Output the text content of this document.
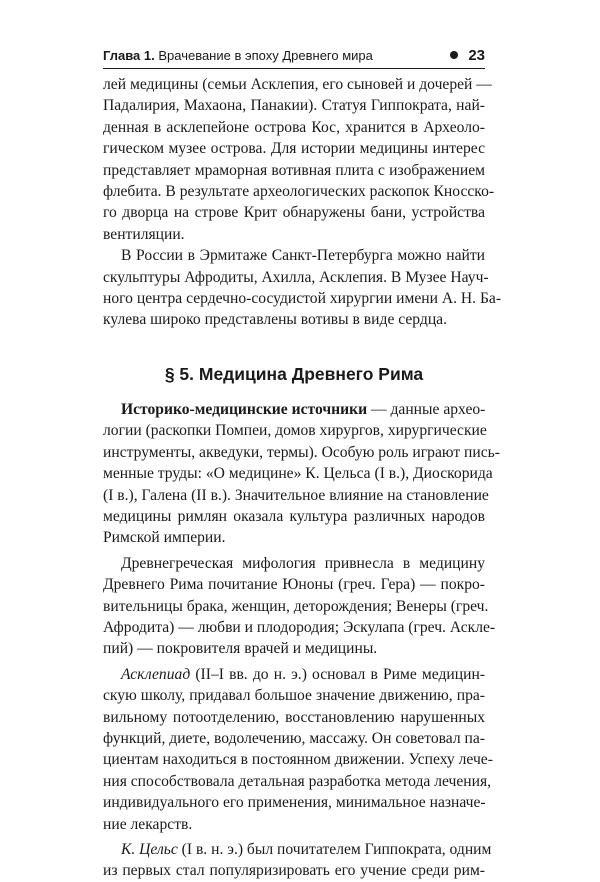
Глава 1. Врачевание в эпоху Древнего мира	23
лей медицины (семьи Асклепия, его сыновей и дочерей —
Падалирия, Махаона, Панакии). Статуя Гиппократа, най-
денная в асклепейоне острова Кос, хранится в Археоло-
гическом музее острова. Для истории медицины интерес
представляет мраморная вотивная плита с изображением
флебита. В результате археологических раскопок Кносско-
го дворца на строве Крит обнаружены бани, устройства
вентиляции.
В России в Эрмитаже Санкт-Петербурга можно найти
скульптуры Афродиты, Ахилла, Асклепия. В Музее Науч-
ного центра сердечно-сосудистой хирургии имени А. Н. Ба-
кулева широко представлены вотивы в виде сердца.
§ 5. Медицина Древнего Рима
Историко-медицинские источники — данные архео-
логии (раскопки Помпеи, домов хирургов, хирургические
инструменты, акведуки, термы). Особую роль играют пись-
менные труды: «О медицине» К. Цельса (I в.), Диоскорида
(I в.), Галена (II в.). Значительное влияние на становление
медицины римлян оказала культура различных народов
Римской империи.
Древнегреческая мифология привнесла в медицину
Древнего Рима почитание Юноны (греч. Гера) — покро-
вительницы брака, женщин, деторождения; Венеры (греч.
Афродита) — любви и плодородия; Эскулапа (греч. Аскле-
пий) — покровителя врачей и медицины.
Асклепиад (II–I вв. до н. э.) основал в Риме медицин-
скую школу, придавал большое значение движению, пра-
вильному потоотделению, восстановлению нарушенных
функций, диете, водолечению, массажу. Он советовал па-
циентам находиться в постоянном движении. Успеху лече-
ния способствовала детальная разработка метода лечения,
индивидуального его применения, минимальное назначе-
ние лекарств.
К. Цельс (I в. н. э.) был почитателем Гиппократа, одним
из первых стал популяризировать его учение среди рим-
